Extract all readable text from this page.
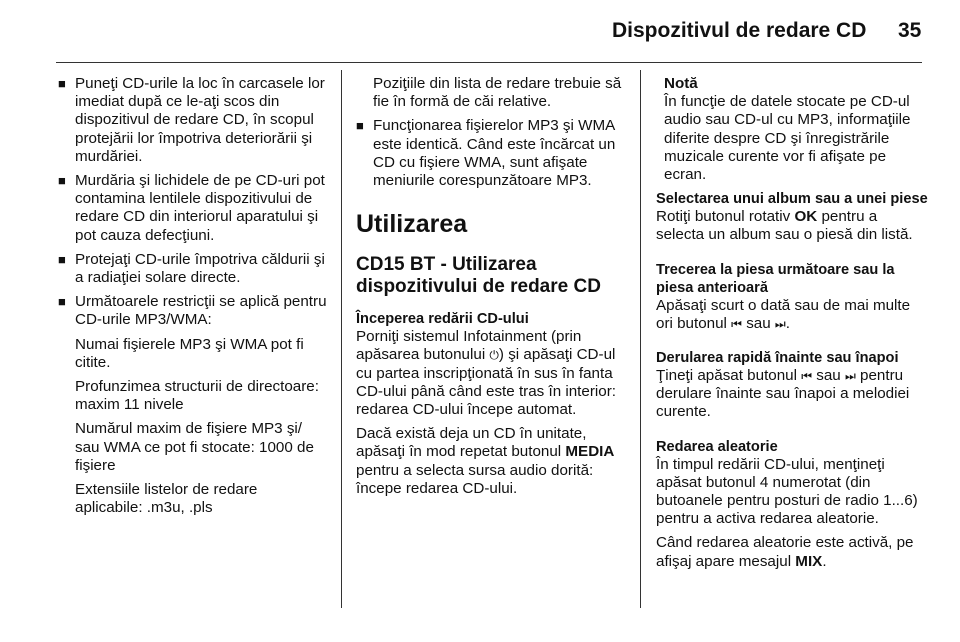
Dispozitivul de redare CD 35
■ Puneţi CD-urile la loc în carcasele lor imediat după ce le-aţi scos din dispozitivul de redare CD, în scopul protejării lor împotriva deteriorării şi murdăriei.
■ Murdăria şi lichidele de pe CD-uri pot contamina lentilele dispozitivului de redare CD din interiorul aparatului şi pot cauza defecţiuni.
■ Protejaţi CD-urile împotriva căldurii şi a radiaţiei solare directe.
■ Următoarele restricţii se aplică pentru CD-urile MP3/WMA:
Numai fişierele MP3 şi WMA pot fi citite.
Profunzimea structurii de directoare: maxim 11 nivele
Numărul maxim de fişiere MP3 şi/ sau WMA ce pot fi stocate: 1000 de fişiere
Extensiile listelor de redare aplicabile: .m3u, .pls
Poziţiile din lista de redare trebuie să fie în formă de căi relative.
■ Funcţionarea fişierelor MP3 şi WMA este identică. Când este încărcat un CD cu fişiere WMA, sunt afişate meniurile corespunzătoare MP3.
Utilizarea
CD15 BT - Utilizarea dispozitivului de redare CD
Începerea redării CD-ului
Porniţi sistemul Infotainment (prin apăsarea butonului ⏻) şi apăsaţi CD-ul cu partea inscripţionată în sus în fanta CD-ului până când este tras în interior: redarea CD-ului începe automat.
Dacă există deja un CD în unitate, apăsaţi în mod repetat butonul MEDIA pentru a selecta sursa audio dorită: începe redarea CD-ului.
Notă
În funcţie de datele stocate pe CD-ul audio sau CD-ul cu MP3, informaţiile diferite despre CD şi înregistrările muzicale curente vor fi afişate pe ecran.
Selectarea unui album sau a unei piese
Rotiţi butonul rotativ OK pentru a selecta un album sau o piesă din listă.
Trecerea la piesa următoare sau la piesa anterioară
Apăsaţi scurt o dată sau de mai multe ori butonul ⏮ sau ⏭.
Derularea rapidă înainte sau înapoi
Ţineţi apăsat butonul ⏮ sau ⏭ pentru derulare înainte sau înapoi a melodiei curente.
Redarea aleatorie
În timpul redării CD-ului, menţineţi apăsat butonul 4 numerotat (din butoanele pentru posturi de radio 1...6) pentru a activa redarea aleatorie.
Când redarea aleatorie este activă, pe afişaj apare mesajul MIX.
